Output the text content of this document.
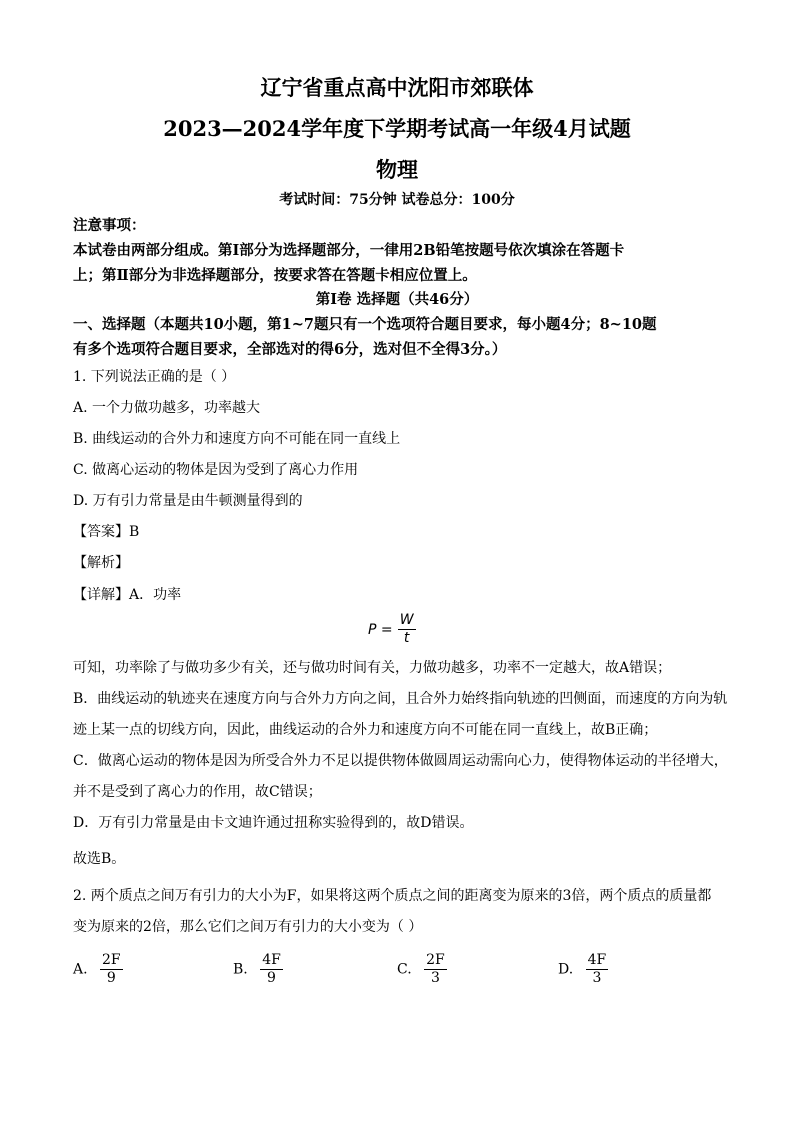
辽宁省重点高中沈阳市郊联体
2023—2024学年度下学期考试高一年级4月试题
物理
考试时间：75分钟 试卷总分：100分
注意事项：
本试卷由两部分组成。第Ⅰ部分为选择题部分，一律用2B铅笔按题号依次填涂在答题卡
上；第Ⅱ部分为非选择题部分，按要求答在答题卡相应位置上。
第Ⅰ卷 选择题（共46分）
一、选择题（本题共10小题，第1~7题只有一个选项符合题目要求，每小题4分；8~10题
有多个选项符合题目要求，全部选对的得6分，选对但不全得3分。）
1. 下列说法正确的是（ ）
A. 一个力做功越多，功率越大
B. 曲线运动的合外力和速度方向不可能在同一直线上
C. 做离心运动的物体是因为受到了离心力作用
D. 万有引力常量是由牛顿测量得到的
【答案】B
【解析】
【详解】A．功率
$P = \frac{W}{t}$
可知，功率除了与做功多少有关，还与做功时间有关，力做功越多，功率不一定越大，故A错误；
B．曲线运动的轨迹夹在速度方向与合外力方向之间，且合外力始终指向轨迹的凹侧面，而速度的方向为轨
迹上某一点的切线方向，因此，曲线运动的合外力和速度方向不可能在同一直线上，故B正确；
C．做离心运动的物体是因为所受合外力不足以提供物体做圆周运动需向心力，使得物体运动的半径增大，
并不是受到了离心力的作用，故C错误；
D．万有引力常量是由卡文迪许通过扭称实验得到的，故D错误。
故选B。
2. 两个质点之间万有引力的大小为F，如果将这两个质点之间的距离变为原来的3倍，两个质点的质量都
变为原来的2倍，那么它们之间万有引力的大小变为（ ）
A. $\frac{2F}{9}$	B. $\frac{4F}{9}$	C. $\frac{2F}{3}$	D. $\frac{4F}{3}$
